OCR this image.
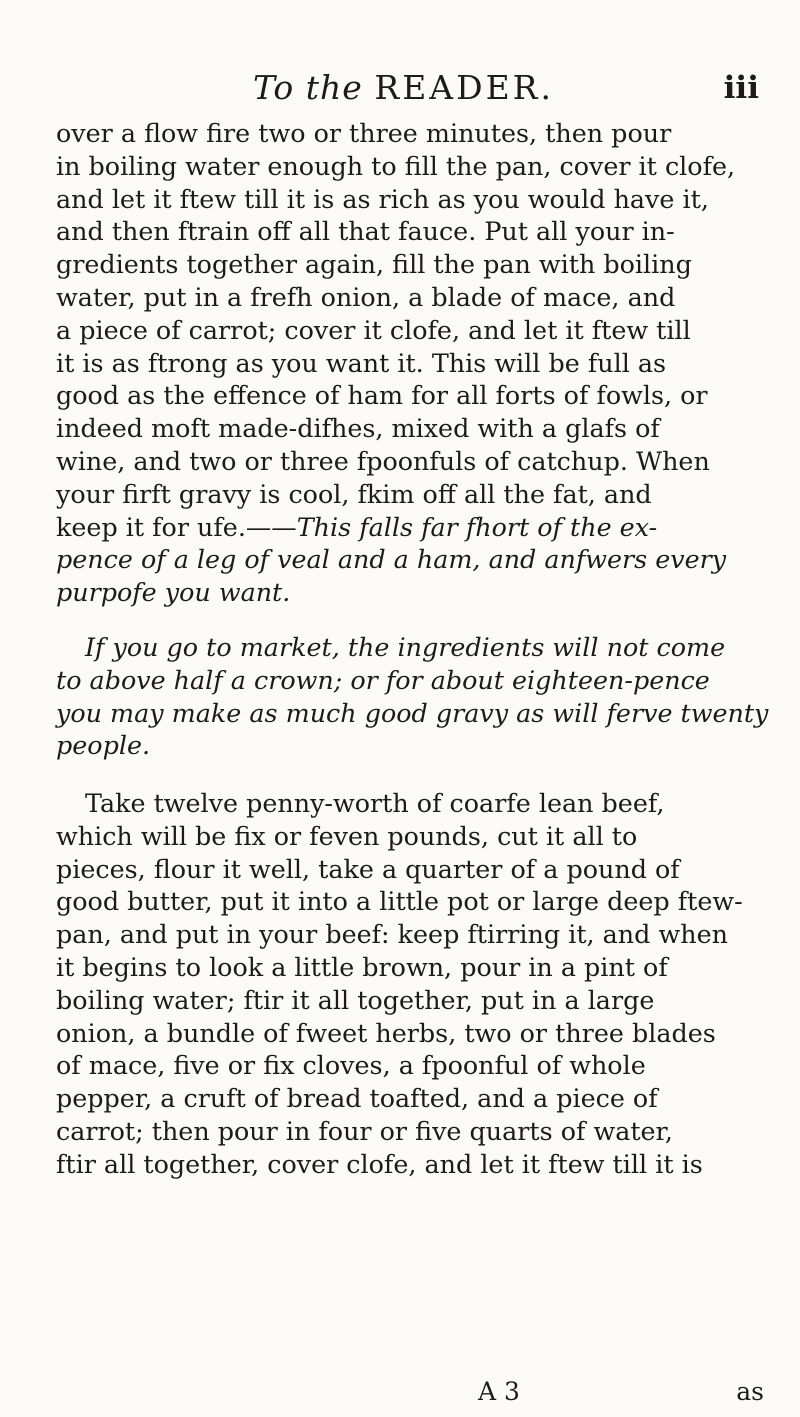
To the READER.	iii

over a flow fire two or three minutes, then pour
in boiling water enough to fill the pan, cover it clofe,
and let it ftew till it is as rich as you would have it,
and then ftrain off all that fauce. Put all your in-
gredients together again, fill the pan with boiling
water, put in a frefh onion, a blade of mace, and
a piece of carrot; cover it clofe, and let it ftew till
it is as ftrong as you want it. This will be full as
good as the effence of ham for all forts of fowls, or
indeed moft made-difhes, mixed with a glafs of
wine, and two or three fpoonfuls of catchup. When
your firft gravy is cool, fkim off all the fat, and
keep it for ufe.——This falls far fhort of the ex-
pence of a leg of veal and a ham, and anfwers every
purpofe you want.

If you go to market, the ingredients will not come
to above half a crown; or for about eighteen-pence
you may make as much good gravy as will ferve twenty
people.

Take twelve penny-worth of coarfe lean beef,
which will be fix or feven pounds, cut it all to
pieces, flour it well, take a quarter of a pound of
good butter, put it into a little pot or large deep ftew-
pan, and put in your beef: keep ftirring it, and when
it begins to look a little brown, pour in a pint of
boiling water; ftir it all together, put in a large
onion, a bundle of fweet herbs, two or three blades
of mace, five or fix cloves, a fpoonful of whole
pepper, a cruft of bread toafted, and a piece of
carrot; then pour in four or five quarts of water,
ftir all together, cover clofe, and let it ftew till it is

A 3	as
